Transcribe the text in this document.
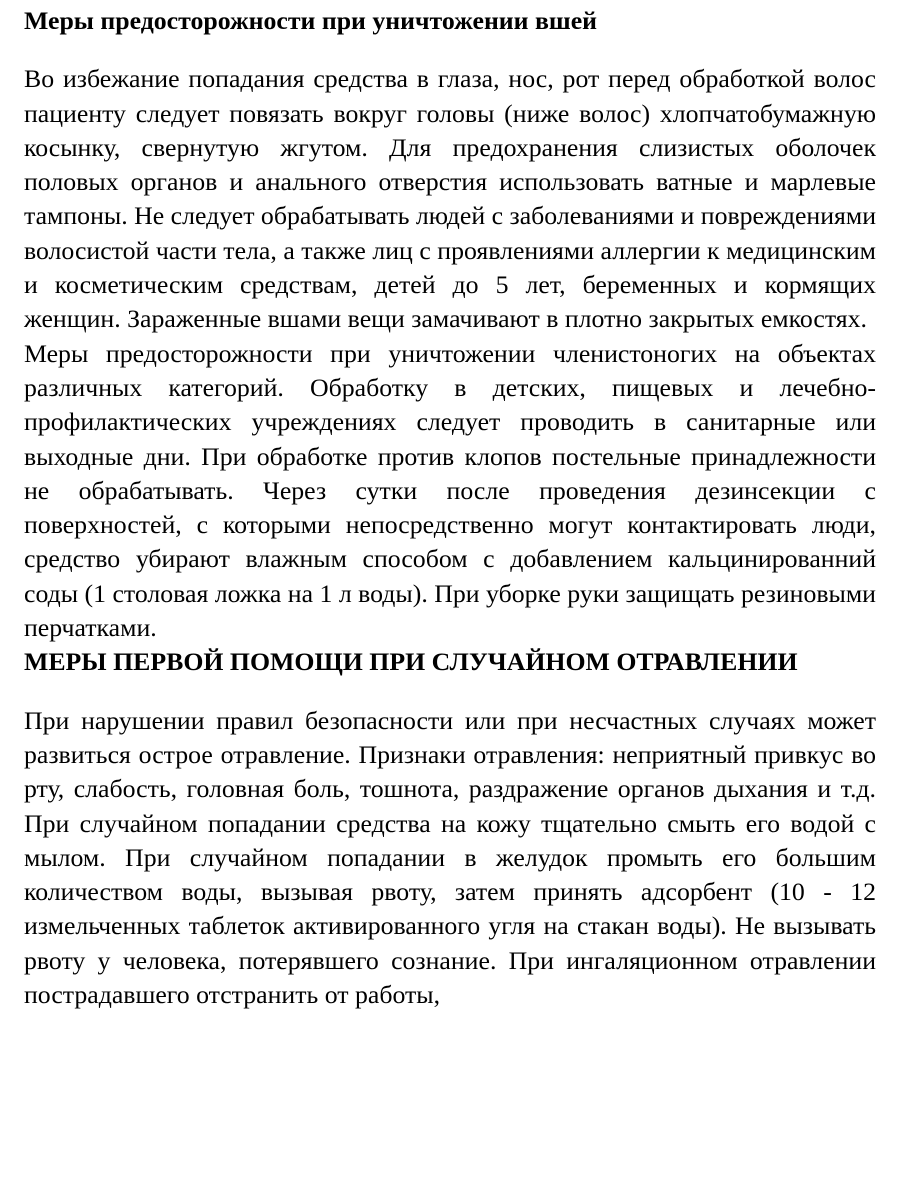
Меры предосторожности при уничтожении вшей

Во избежание попадания средства в глаза, нос, рот перед обработкой волос пациенту следует повязать вокруг головы (ниже волос) хлопчатобумажную косынку, свернутую жгутом. Для предохранения слизистых оболочек половых органов и анального отверстия использовать ватные и марлевые тампоны. Не следует обрабатывать людей с заболеваниями и повреждениями волосистой части тела, а также лиц с проявлениями аллергии к медицинским и косметическим средствам, детей до 5 лет, беременных и кормящих женщин. Зараженные вшами вещи замачивают в плотно закрытых емкостях.

Меры предосторожности при уничтожении членистоногих на объектах различных категорий. Обработку в детских, пищевых и лечебно-профилактических учреждениях следует проводить в санитарные или выходные дни. При обработке против клопов постельные принадлежности не обрабатывать. Через сутки после проведения дезинсекции с поверхностей, с которыми непосредственно могут контактировать люди, средство убирают влажным способом с добавлением кальцинированний соды (1 столовая ложка на 1 л воды). При уборке руки защищать резиновыми перчатками.

МЕРЫ ПЕРВОЙ ПОМОЩИ ПРИ СЛУЧАЙНОМ ОТРАВЛЕНИИ

При нарушении правил безопасности или при несчастных случаях может развиться острое отравление. Признаки отравления: неприятный привкус во рту, слабость, головная боль, тошнота, раздражение органов дыхания и т.д. При случайном попадании средства на кожу тщательно смыть его водой с мылом. При случайном попадании в желудок промыть его большим количеством воды, вызывая рвоту, затем принять адсорбент (10 - 12 измельченных таблеток активированного угля на стакан воды). Не вызывать рвоту у человека, потерявшего сознание. При ингаляционном отравлении пострадавшего отстранить от работы,
